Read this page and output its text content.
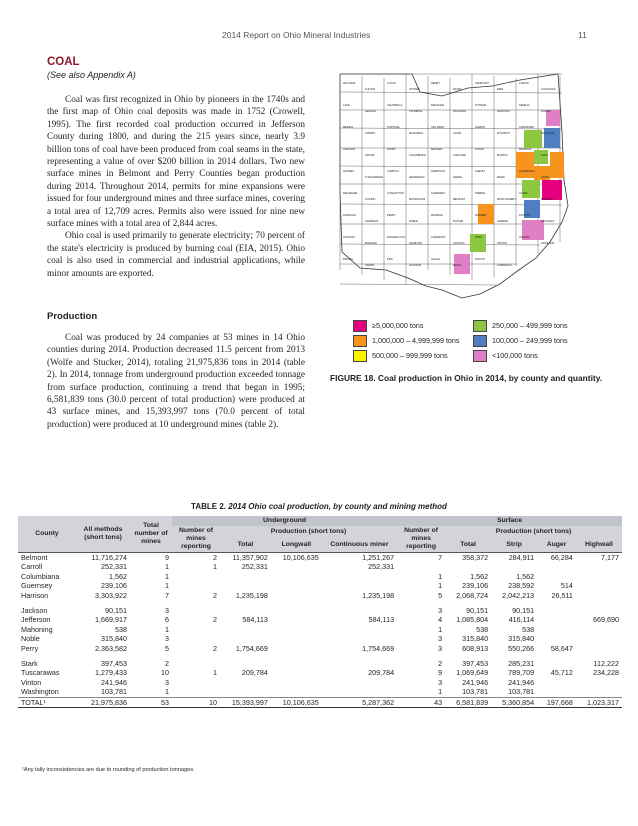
2014 Report on Ohio Mineral Industries	11
COAL
(See also Appendix A)

Coal was first recognized in Ohio by pioneers in the 1740s and the first map of Ohio coal deposits was made in 1752 (Crowell, 1995). The first recorded coal production occurred in Jefferson County during 1800, and during the 215 years since, nearly 3.9 billion tons of coal have been produced from coal seams in the state, representing a value of over $200 billion in 2014 dollars. Two new surface mines in Belmont and Perry Counties began production during 2014. Throughout 2014, permits for mine expansions were issued for four underground mines and three surface mines, covering a total area of 12,709 acres. Permits also were issued for nine new surface mines with a total area of 2,844 acres.

Ohio coal is used primarily to generate electricity; 70 percent of the state's electricity is produced by burning coal (EIA, 2015). Ohio coal is also used in commercial and industrial applications, while minor amounts are exported.

Production

Coal was produced by 24 companies at 53 mines in 14 Ohio counties during 2014. Production decreased 11.5 percent from 2013 (Wolfe and Stucker, 2014), totaling 21,975,836 tons in 2014 (table 2). In 2014, tonnage from underground production exceeded tonnage from surface production, continuing a trend that began in 1995; 6,581,839 tons (30.0 percent of total production) were produced at 43 surface mines, and 15,393,997 tons (70.0 percent of total production) were produced at 10 underground mines (table 2).

WILLIAMS
FULTON
LUCAS
OTTAWA
HENRY
WOOD
SANDUSKY
ERIE
LORAIN
CUYAHOGA
LAKE
GEAUGA
ASHTABULA
TRUMBULL
DEFIANCE
PAULDING
PUTNAM
HANCOCK
SENECA
HURON
MEDINA
SUMMIT
PORTAGE
MAHONING
VAN WERT
ALLEN
HARDIN
WYANDOT
CRAWFORD
RICHLAND
ASHLAND
WAYNE
STARK
COLUMBIANA
MERCER
AUGLAIZE
LOGAN
MARION
MORROW
KNOX
HOLMES
TUSCARAWAS
CARROLL
JEFFERSON
HARRISON
DARKE
SHELBY
MIAMI
CHAMPAIGN
UNION
DELAWARE
LICKING
COSHOCTON
MUSKINGUM
GUERNSEY
BELMONT
PREBLE
MONTGOMERY
CLARK
MADISON
FRANKLIN
FAIRFIELD
PERRY
NOBLE
MONROE
BUTLER
WARREN
GREENE
FAYETTE
PICKAWAY
HOCKING
MORGAN
WASHINGTON
HAMILTON
CLERMONT
CLINTON
ROSS
VINTON
ATHENS
HIGHLAND
BROWN
ADAMS
PIKE
JACKSON
GALLIA
MEIGS
SCIOTO
LAWRENCE
≥5,000,000 tons	250,000 – 499,999 tons
1,000,000 – 4,999,999 tons	100,000 – 249,999 tons
500,000 – 999,999 tons	<100,000 tons
FIGURE 18. Coal production in Ohio in 2014, by county and quantity.
TABLE 2. 2014 Ohio coal production, by county and mining method
County	All methods (short tons)	Total number of mines	Underground				Surface				
			Number of mines reporting	Production (short tons)			Number of mines reporting	Production (short tons)			
				Total	Longwall	Continuous miner		Total	Strip	Auger	Highwall
Belmont	11,716,274	9	2	11,357,902	10,106,635	1,251,267	7	358,372	284,911	66,284	7,177
Carroll	252,331	1	1	252,331		252,331					
Columbiana	1,562	1					1	1,562	1,562		
Guernsey	239,106	1					1	239,106	238,592	514	
Harrison	3,303,922	7	2	1,235,198		1,235,198	5	2,068,724	2,042,213	26,511	

Jackson	90,151	3					3	90,151	90,151		
Jefferson	1,669,917	6	2	584,113		584,113	4	1,085,804	416,114		669,690
Mahoning	538	1					1	538	538		
Noble	315,840	3					3	315,840	315,840		
Perry	2,363,582	5	2	1,754,669		1,754,669	3	608,913	550,266	58,647	

Stark	397,453	2					2	397,453	285,231		112,222
Tuscarawas	1,279,433	10	1	209,784		209,784	9	1,069,649	789,709	45,712	234,228
Vinton	241,946	3					3	241,946	241,946		
Washington	103,781	1					1	103,781	103,781		
TOTAL¹	21,975,836	53	10	15,393,997	10,106,635	5,287,362	43	6,581,839	5,360,854	197,668	1,023,317
¹Any tally inconsistencies are due to rounding of production tonnages.
